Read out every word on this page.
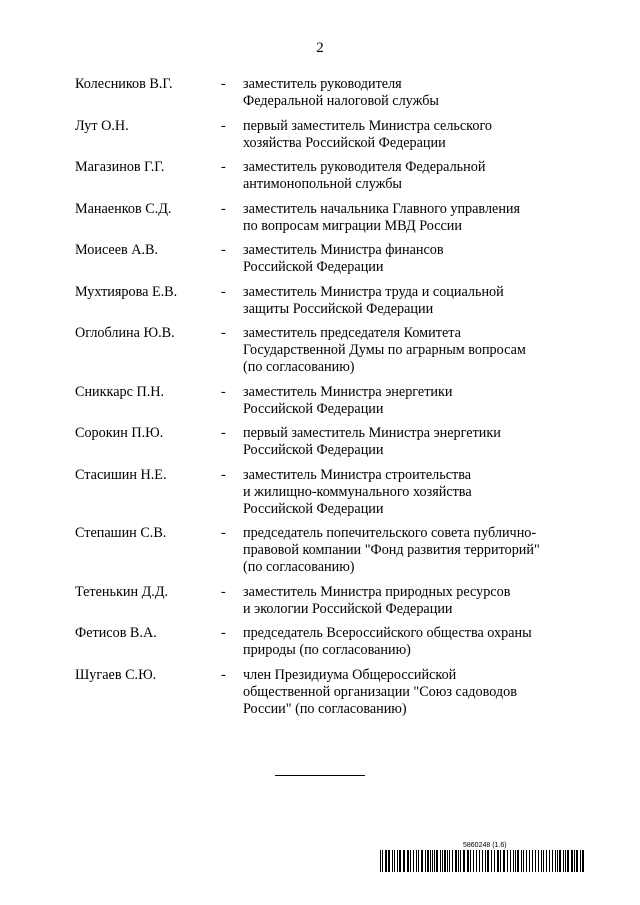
2
Колесников В.Г.	- заместитель руководителя
Федеральной налоговой службы
Лут О.Н.	- первый заместитель Министра сельского
хозяйства Российской Федерации
Магазинов Г.Г.	- заместитель руководителя Федеральной
антимонопольной службы
Манаенков С.Д.	- заместитель начальника Главного управления
по вопросам миграции МВД России
Моисеев А.В.	- заместитель Министра финансов
Российской Федерации
Мухтиярова Е.В.	- заместитель Министра труда и социальной
защиты Российской Федерации
Оглоблина Ю.В.	- заместитель председателя Комитета
Государственной Думы по аграрным вопросам
(по согласованию)
Сниккарс П.Н.	- заместитель Министра энергетики
Российской Федерации
Сорокин П.Ю.	- первый заместитель Министра энергетики
Российской Федерации
Стасишин Н.Е.	- заместитель Министра строительства
и жилищно-коммунального хозяйства
Российской Федерации
Степашин С.В.	- председатель попечительского совета публично-
правовой компании "Фонд развития территорий"
(по согласованию)
Тетенькин Д.Д.	- заместитель Министра природных ресурсов
и экологии Российской Федерации
Фетисов В.А.	- председатель Всероссийского общества охраны
природы (по согласованию)
Шугаев С.Ю.	- член Президиума Общероссийской
общественной организации "Союз садоводов
России" (по согласованию)
5860248 (1.6)
